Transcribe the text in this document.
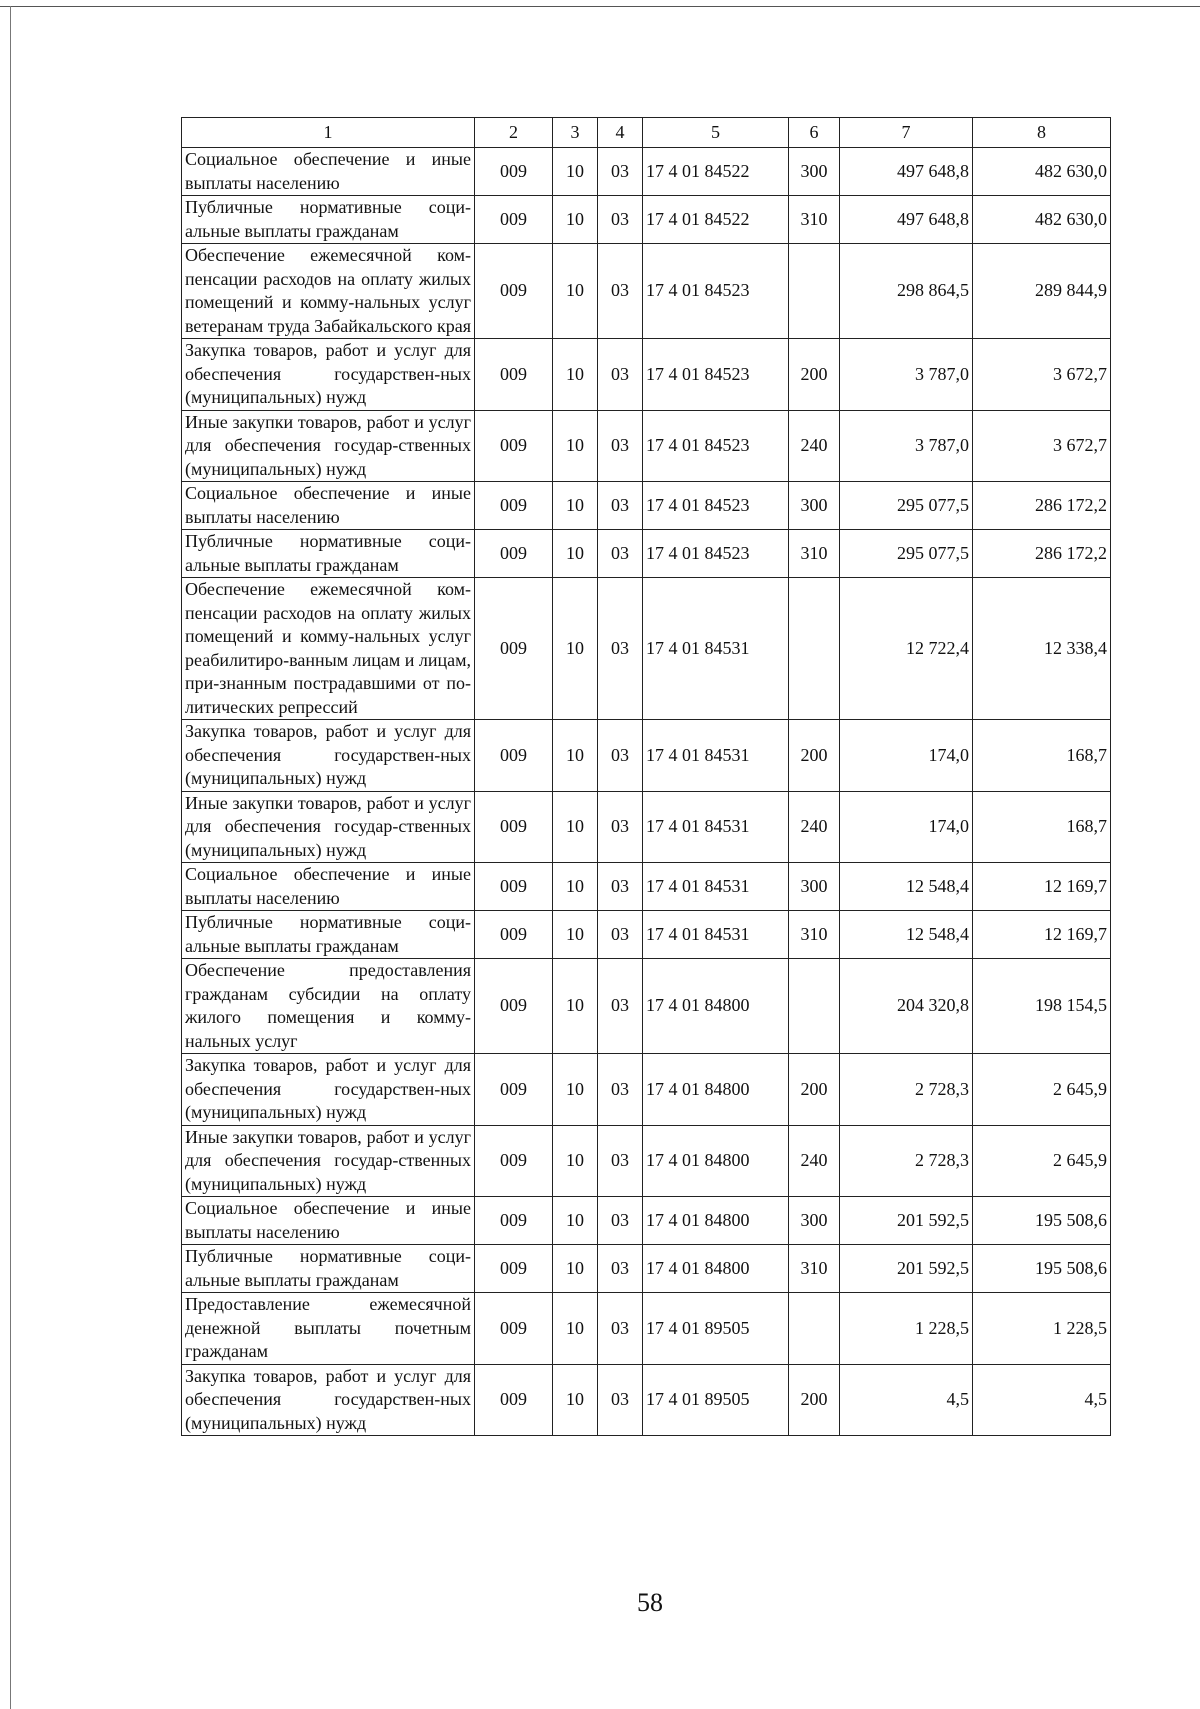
1	2	3	4	5	6	7	8
Социальное обеспечение и иные выплаты населению	009	10	03	17 4 01 84522	300	497 648,8	482 630,0
Публичные нормативные соци-альные выплаты гражданам	009	10	03	17 4 01 84522	310	497 648,8	482 630,0
Обеспечение ежемесячной ком-пенсации расходов на оплату жилых помещений и комму-нальных услуг ветеранам труда Забайкальского края	009	10	03	17 4 01 84523		298 864,5	289 844,9
Закупка товаров, работ и услуг для обеспечения государствен-ных (муниципальных) нужд	009	10	03	17 4 01 84523	200	3 787,0	3 672,7
Иные закупки товаров, работ и услуг для обеспечения государ-ственных (муниципальных) нужд	009	10	03	17 4 01 84523	240	3 787,0	3 672,7
Социальное обеспечение и иные выплаты населению	009	10	03	17 4 01 84523	300	295 077,5	286 172,2
Публичные нормативные соци-альные выплаты гражданам	009	10	03	17 4 01 84523	310	295 077,5	286 172,2
Обеспечение ежемесячной ком-пенсации расходов на оплату жилых помещений и комму-нальных услуг реабилитиро-ванным лицам и лицам, при-знанным пострадавшими от по-литических репрессий	009	10	03	17 4 01 84531		12 722,4	12 338,4
Закупка товаров, работ и услуг для обеспечения государствен-ных (муниципальных) нужд	009	10	03	17 4 01 84531	200	174,0	168,7
Иные закупки товаров, работ и услуг для обеспечения государ-ственных (муниципальных) нужд	009	10	03	17 4 01 84531	240	174,0	168,7
Социальное обеспечение и иные выплаты населению	009	10	03	17 4 01 84531	300	12 548,4	12 169,7
Публичные нормативные соци-альные выплаты гражданам	009	10	03	17 4 01 84531	310	12 548,4	12 169,7
Обеспечение предоставления гражданам субсидии на оплату жилого помещения и комму-нальных услуг	009	10	03	17 4 01 84800		204 320,8	198 154,5
Закупка товаров, работ и услуг для обеспечения государствен-ных (муниципальных) нужд	009	10	03	17 4 01 84800	200	2 728,3	2 645,9
Иные закупки товаров, работ и услуг для обеспечения государ-ственных (муниципальных) нужд	009	10	03	17 4 01 84800	240	2 728,3	2 645,9
Социальное обеспечение и иные выплаты населению	009	10	03	17 4 01 84800	300	201 592,5	195 508,6
Публичные нормативные соци-альные выплаты гражданам	009	10	03	17 4 01 84800	310	201 592,5	195 508,6
Предоставление ежемесячной денежной выплаты почетным гражданам	009	10	03	17 4 01 89505		1 228,5	1 228,5
Закупка товаров, работ и услуг для обеспечения государствен-ных (муниципальных) нужд	009	10	03	17 4 01 89505	200	4,5	4,5
58
